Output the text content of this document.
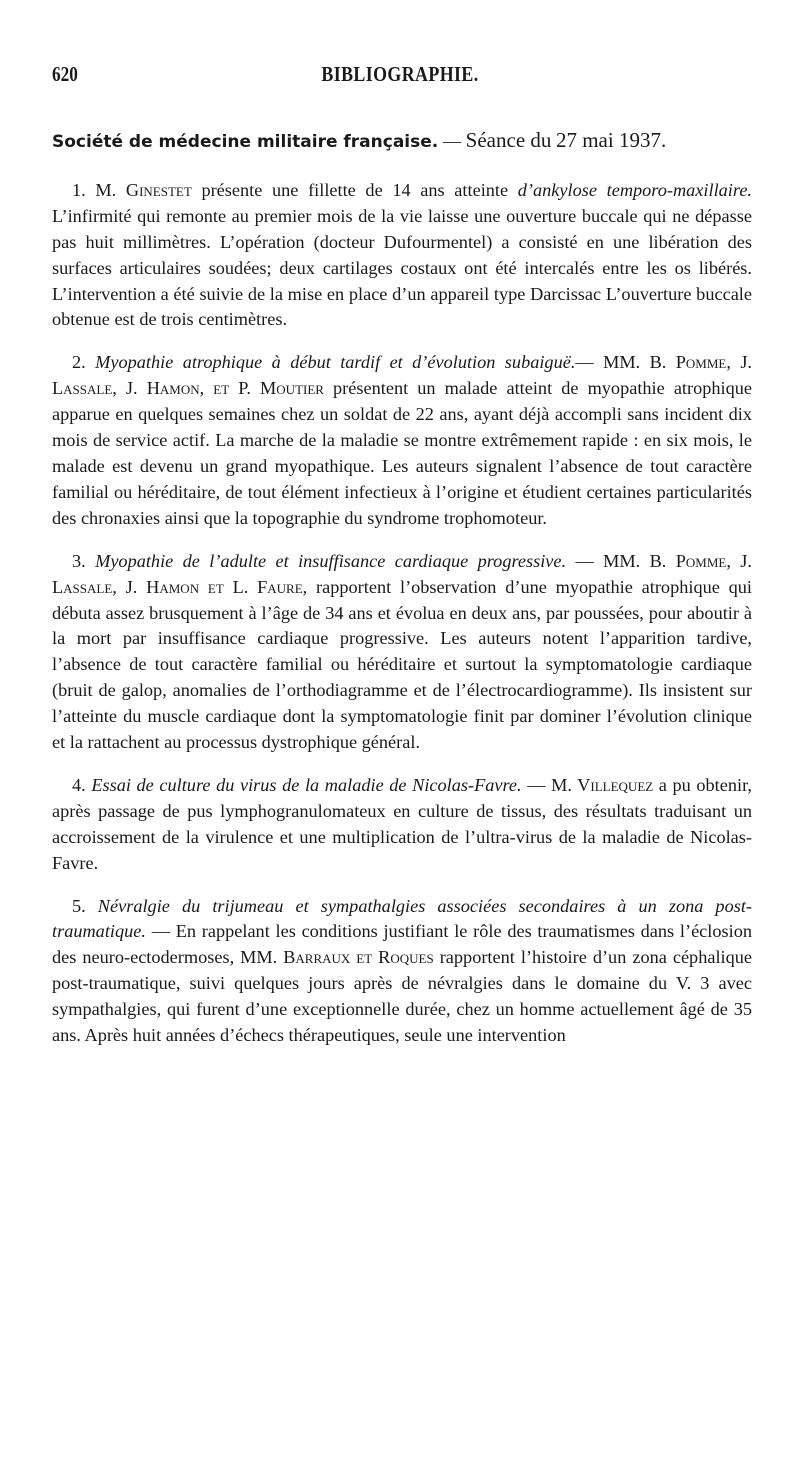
620	BIBLIOGRAPHIE.

Société de médecine militaire française. — Séance du 27 mai 1937.

1. M. Ginestet présente une fillette de 14 ans atteinte d’ankylose temporo-maxillaire. L’infirmité qui remonte au premier mois de la vie laisse une ouverture buccale qui ne dépasse pas huit millimètres. L’opération (docteur Dufourmentel) a consisté en une libération des surfaces articulaires soudées; deux cartilages costaux ont été intercalés entre les os libérés. L’intervention a été suivie de la mise en place d’un appareil type Darcissac L’ouverture buccale obtenue est de trois centimètres.

2. Myopathie atrophique à début tardif et d’évolution subaiguë.— MM. B. Pomme, J. Lassale, J. Hamon, et P. Moutier présentent un malade atteint de myopathie atrophique apparue en quelques semaines chez un soldat de 22 ans, ayant déjà accompli sans incident dix mois de service actif. La marche de la maladie se montre extrêmement rapide : en six mois, le malade est devenu un grand myopathique. Les auteurs signalent l’absence de tout caractère familial ou héréditaire, de tout élément infectieux à l’origine et étudient certaines particularités des chronaxies ainsi que la topographie du syndrome trophomoteur.

3. Myopathie de l’adulte et insuffisance cardiaque progressive. — MM. B. Pomme, J. Lassale, J. Hamon et L. Faure, rapportent l’observation d’une myopathie atrophique qui débuta assez brusquement à l’âge de 34 ans et évolua en deux ans, par poussées, pour aboutir à la mort par insuffisance cardiaque progressive. Les auteurs notent l’apparition tardive, l’absence de tout caractère familial ou héréditaire et surtout la symptomatologie cardiaque (bruit de galop, anomalies de l’orthodiagramme et de l’électrocardiogramme). Ils insistent sur l’atteinte du muscle cardiaque dont la symptomatologie finit par dominer l’évolution clinique et la rattachent au processus dystrophique général.

4. Essai de culture du virus de la maladie de Nicolas-Favre. — M. Villequez a pu obtenir, après passage de pus lymphogranulomateux en culture de tissus, des résultats traduisant un accroissement de la virulence et une multiplication de l’ultra-virus de la maladie de Nicolas-Favre.

5. Névralgie du trijumeau et sympathalgies associées secondaires à un zona post-traumatique. — En rappelant les conditions justifiant le rôle des traumatismes dans l’éclosion des neuro-ectodermoses, MM. Barraux et Roques rapportent l’histoire d’un zona céphalique post-traumatique, suivi quelques jours après de névralgies dans le domaine du V. 3 avec sympathalgies, qui furent d’une exceptionnelle durée, chez un homme actuellement âgé de 35 ans. Après huit années d’échecs thérapeutiques, seule une intervention
